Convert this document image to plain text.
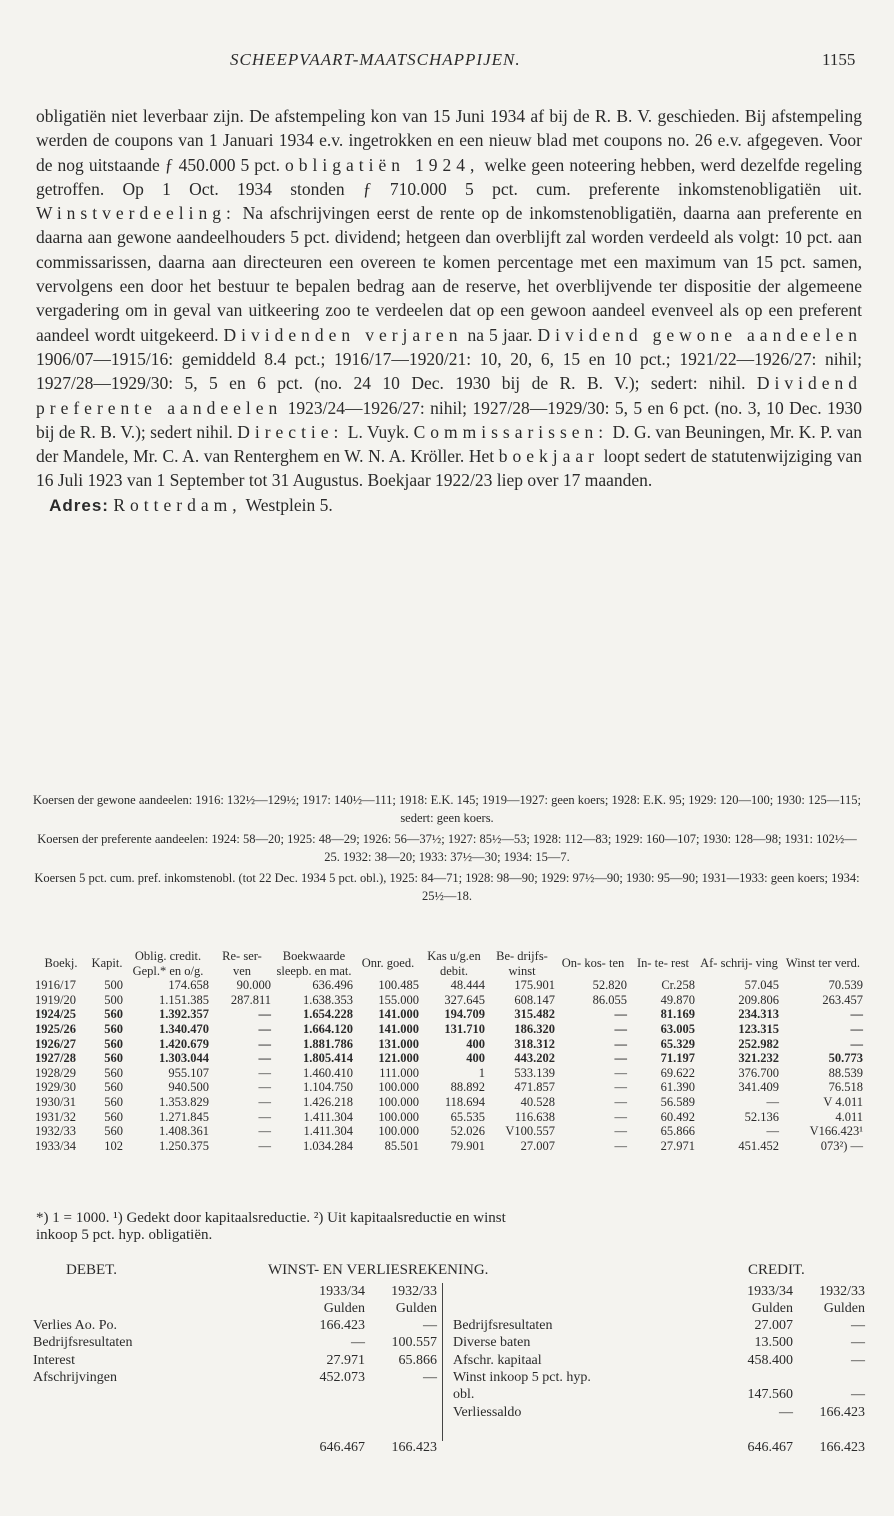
SCHEEPVAART-MAATSCHAPPIJEN.	1155

obligatiën niet leverbaar zijn. De afstempeling kon van 15 Juni 1934 af bij de R. B. V. geschieden. Bij afstempeling werden de coupons van 1 Januari 1934 e.v. ingetrokken en een nieuw blad met coupons no. 26 e.v. afgegeven. Voor de nog uitstaande ƒ 450.000 5 pct. obligatiën 1924, welke geen noteering hebben, werd dezelfde regeling getroffen. Op 1 Oct. 1934 stonden ƒ 710.000 5 pct. cum. preferente inkomstenobligatiën uit. Winstverdeeling: Na afschrijvingen eerst de rente op de inkomstenobligatiën, daarna aan preferente en daarna aan gewone aandeelhouders 5 pct. dividend; hetgeen dan overblijft zal worden verdeeld als volgt: 10 pct. aan commissarissen, daarna aan directeuren een overeen te komen percentage met een maximum van 15 pct. samen, vervolgens een door het bestuur te bepalen bedrag aan de reserve, het overblijvende ter dispositie der algemeene vergadering om in geval van uitkeering zoo te verdeelen dat op een gewoon aandeel evenveel als op een preferent aandeel wordt uitgekeerd. Dividenden verjaren na 5 jaar. Dividend gewone aandeelen 1906/07—1915/16: gemiddeld 8.4 pct.; 1916/17—1920/21: 10, 20, 6, 15 en 10 pct.; 1921/22—1926/27: nihil; 1927/28—1929/30: 5, 5 en 6 pct. (no. 24 10 Dec. 1930 bij de R. B. V.); sedert: nihil. Dividend preferente aandeelen 1923/24—1926/27: nihil; 1927/28—1929/30: 5, 5 en 6 pct. (no. 3, 10 Dec. 1930 bij de R. B. V.); sedert nihil. Directie: L. Vuyk. Commissarissen: D. G. van Beuningen, Mr. K. P. van der Mandele, Mr. C. A. van Renterghem en W. N. A. Kröller. Het boekjaar loopt sedert de statutenwijziging van 16 Juli 1923 van 1 September tot 31 Augustus. Boekjaar 1922/23 liep over 17 maanden.

Adres: Rotterdam, Westplein 5.

Koersen der gewone aandeelen: 1916: 132½—129½; 1917: 140½—111; 1918: E.K. 145; 1919—1927: geen koers; 1928: E.K. 95; 1929: 120—100; 1930: 125—115; sedert: geen koers.

Koersen der preferente aandeelen: 1924: 58—20; 1925: 48—29; 1926: 56—37½; 1927: 85½—53; 1928: 112—83; 1929: 160—107; 1930: 128—98; 1931: 102½—25. 1932: 38—20; 1933: 37½—30; 1934: 15—7.

Koersen 5 pct. cum. pref. inkomstenobl. (tot 22 Dec. 1934 5 pct. obl.), 1925: 84—71; 1928: 98—90; 1929: 97½—90; 1930: 95—90; 1931—1933: geen koers; 1934: 25½—18.

Boekj.	Kapit.	Oblig. credit. Gepl.* en o/g.	Re- ser- ven	Boekwaarde sleepb. en mat.	Onr. goed.	Kas u/g.en debit.	Be- drijfs- winst	On- kos- ten	In- te- rest	Af- schrij- ving	Winst ter verd.
1916/17	500	174.658	90.000	636.496	100.485	48.444	175.901	52.820	Cr.258	57.045	70.539
1919/20	500	1.151.385	287.811	1.638.353	155.000	327.645	608.147	86.055	49.870	209.806	263.457
1924/25	560	1.392.357	—	1.654.228	141.000	194.709	315.482	—	81.169	234.313	—
1925/26	560	1.340.470	—	1.664.120	141.000	131.710	186.320	—	63.005	123.315	—
1926/27	560	1.420.679	—	1.881.786	131.000	400	318.312	—	65.329	252.982	—
1927/28	560	1.303.044	—	1.805.414	121.000	400	443.202	—	71.197	321.232	50.773
1928/29	560	955.107	—	1.460.410	111.000	1	533.139	—	69.622	376.700	88.539
1929/30	560	940.500	—	1.104.750	100.000	88.892	471.857	—	61.390	341.409	76.518
1930/31	560	1.353.829	—	1.426.218	100.000	118.694	40.528	—	56.589	—	V 4.011
1931/32	560	1.271.845	—	1.411.304	100.000	65.535	116.638	—	60.492	52.136	4.011
1932/33	560	1.408.361	—	1.411.304	100.000	52.026	V100.557	—	65.866	—	V166.423¹
1933/34	102	1.250.375	—	1.034.284	85.501	79.901	27.007	—	27.971	451.452	073²) —
*) 1 = 1000. ¹) Gedekt door kapitaalsreductie. ²) Uit kapitaalsreductie en winst
inkoop 5 pct. hyp. obligatiën.
DEBET.	WINST- EN VERLIESREKENING.	CREDIT.
1933/34	1932/33
Gulden	Gulden
1933/34	1932/33
Gulden	Gulden
Verlies Ao. Po.	166.423	—
Bedrijfsresultaten	—	100.557
Interest	27.971	65.866
Afschrijvingen	452.073	—
Bedrijfsresultaten	27.007	—
Diverse baten	13.500	—
Afschr. kapitaal	458.400	—
Winst inkoop 5 pct. hyp.
obl.	147.560	—
Verliessaldo	—	166.423
646.467	166.423	646.467	166.423
